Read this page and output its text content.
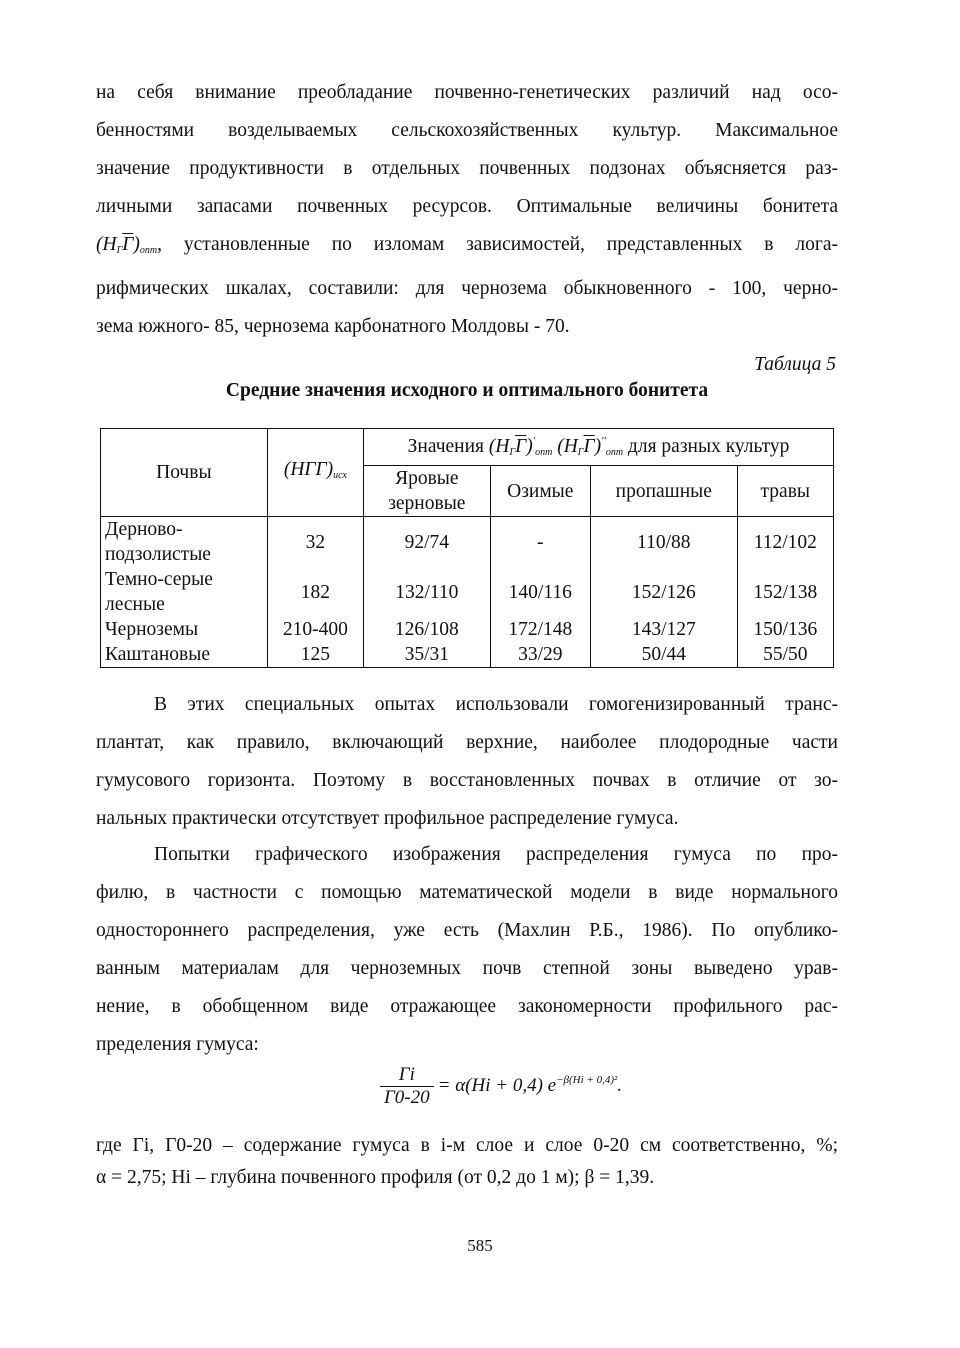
на себя внимание преобладание почвенно-генетических различий над осо-
бенностями возделываемых сельскохозяйственных культур. Максимальное
значение продуктивности в отдельных почвенных подзонах объясняется раз-
личными запасами почвенных ресурсов. Оптимальные величины бонитета
$(H_ГГ)_{опт}$, установленные по изломам зависимостей, представленных в лога-
рифмических шкалах, составили: для чернозема обыкновенного - 100, черно-
зема южного- 85, чернозема карбонатного Молдовы - 70.
Таблица 5
Средние значения исходного и оптимального бонитета
Почвы	$(HГГ)_{исх}$	Значения $(H_ГГ)'_{опт}$ $(H_ГГ)''_{опт}$ для разных культур			
		Яровые зерновые	Озимые	пропашные	травы
Дерново-подзолистые	32	92/74	-	110/88	112/102
Темно-серые лесные	182	132/110	140/116	152/126	152/138
Черноземы	210-400	126/108	172/148	143/127	150/136
Каштановые	125	35/31	33/29	50/44	55/50
В этих специальных опытах использовали гомогенизированный транс-
плантат, как правило, включающий верхние, наиболее плодородные части
гумусового горизонта. Поэтому в восстановленных почвах в отличие от зо-
нальных практически отсутствует профильное распределение гумуса.
Попытки графического изображения распределения гумуса по про-
филю, в частности с помощью математической модели в виде нормального
одностороннего распределения, уже есть (Махлин Р.Б., 1986). По опублико-
ванным материалам для черноземных почв степной зоны выведено урав-
нение, в обобщенном виде отражающее закономерности профильного рас-
пределения гумуса:
$\frac{Гi}{Г0-20} = \alpha(Hi + 0,4)$ $e^{-\beta(Hi + 0,4)^2}$.
где Гi, Г0-20 – содержание гумуса в i-м слое и слое 0-20 см соответственно, %;
α = 2,75; Hi – глубина почвенного профиля (от 0,2 до 1 м); β = 1,39.
585
